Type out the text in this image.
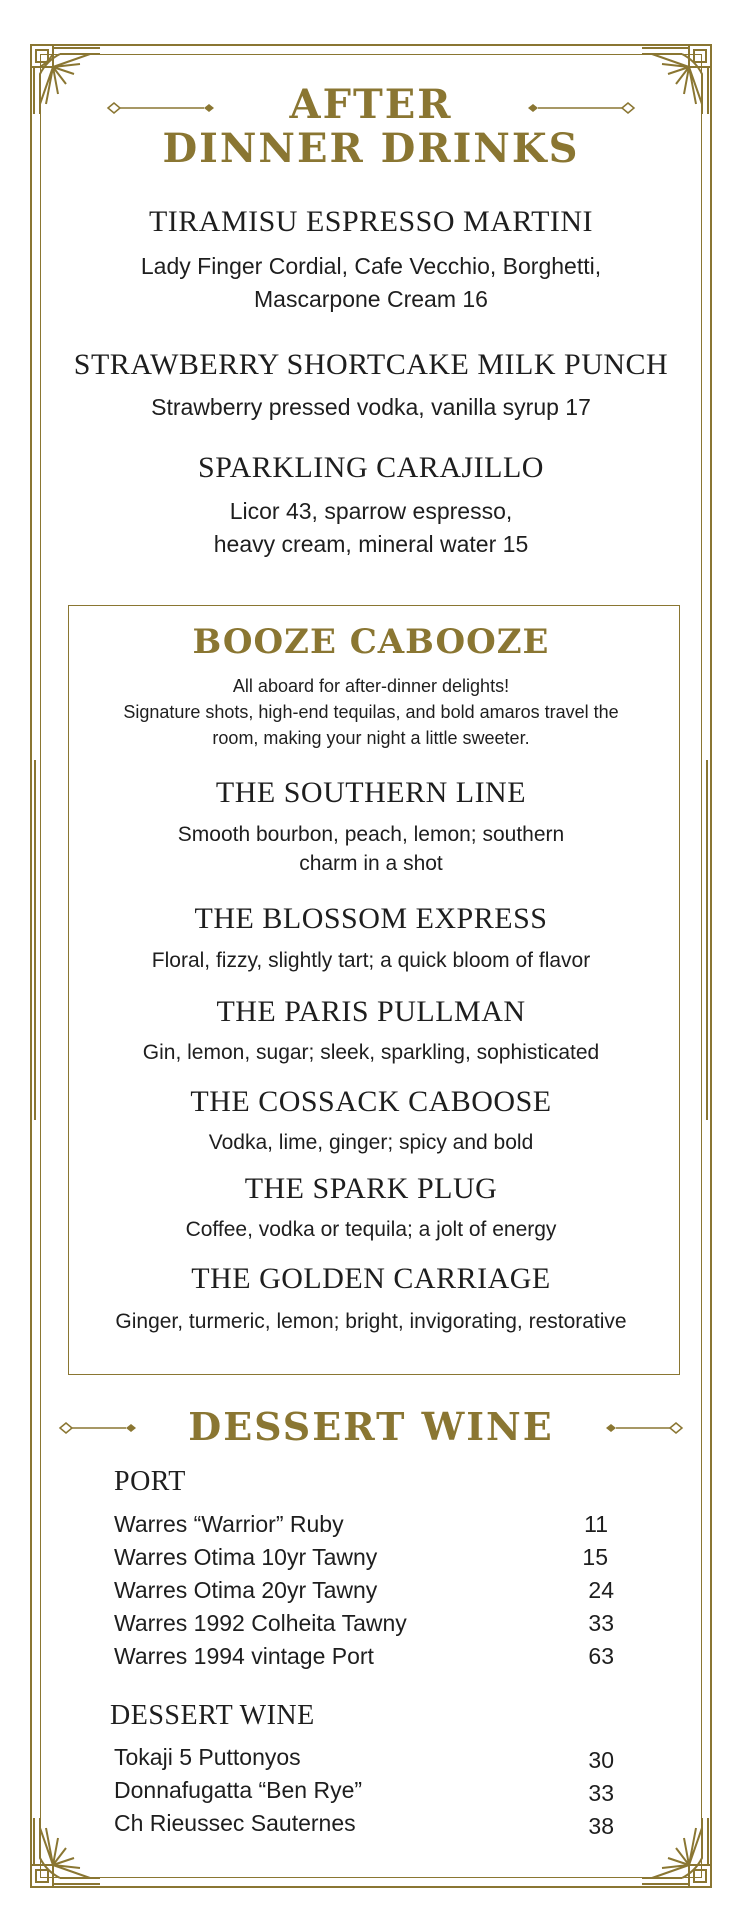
AFTER
DINNER DRINKS
TIRAMISU ESPRESSO MARTINI
Lady Finger Cordial, Cafe Vecchio, Borghetti,
Mascarpone Cream 16
STRAWBERRY SHORTCAKE MILK PUNCH
Strawberry pressed vodka, vanilla syrup 17
SPARKLING CARAJILLO
Licor 43, sparrow espresso,
heavy cream, mineral water 15
BOOZE CABOOZE
All aboard for after-dinner delights!
Signature shots, high-end tequilas, and bold amaros travel the
room, making your night a little sweeter.
THE SOUTHERN LINE
Smooth bourbon, peach, lemon; southern
charm in a shot
THE BLOSSOM EXPRESS
Floral, fizzy, slightly tart; a quick bloom of flavor
THE PARIS PULLMAN
Gin, lemon, sugar; sleek, sparkling, sophisticated
THE COSSACK CABOOSE
Vodka, lime, ginger; spicy and bold
THE SPARK PLUG
Coffee, vodka or tequila; a jolt of energy
THE GOLDEN CARRIAGE
Ginger, turmeric, lemon; bright, invigorating, restorative
DESSERT WINE
PORT
Warres “Warrior” Ruby	11
Warres Otima 10yr Tawny	15
Warres Otima 20yr Tawny	24
Warres 1992 Colheita Tawny	33
Warres 1994 vintage Port	63
DESSERT WINE
Tokaji 5 Puttonyos	30
Donnafugatta “Ben Rye”	33
Ch Rieussec Sauternes	38
